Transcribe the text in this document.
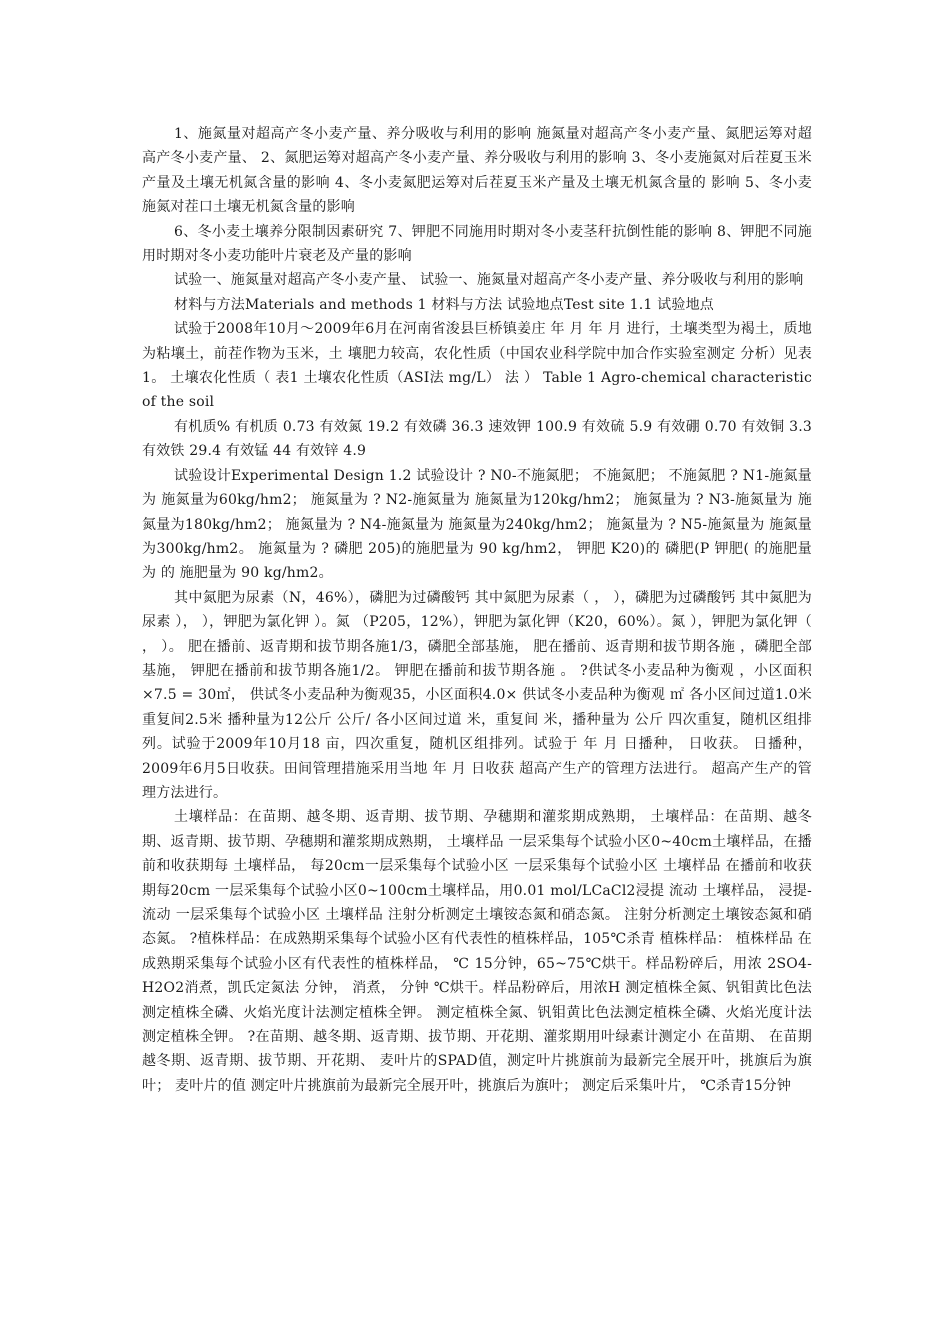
1、施氮量对超高产冬小麦产量、养分吸收与利用的影响 施氮量对超高产冬小麦产量、氮肥运筹对超高产冬小麦产量、 2、氮肥运筹对超高产冬小麦产量、养分吸收与利用的影响 3、冬小麦施氮对后茬夏玉米产量及土壤无机氮含量的影响 4、冬小麦氮肥运筹对后茬夏玉米产量及土壤无机氮含量的 影响 5、冬小麦施氮对茬口土壤无机氮含量的影响

6、冬小麦土壤养分限制因素研究 7、钾肥不同施用时期对冬小麦茎秆抗倒性能的影响 8、钾肥不同施用时期对冬小麦功能叶片衰老及产量的影响

试验一、施氮量对超高产冬小麦产量、 试验一、施氮量对超高产冬小麦产量、养分吸收与利用的影响

材料与方法Materials and methods 1 材料与方法 试验地点Test site 1.1 试验地点

试验于2008年10月～2009年6月在河南省浚县巨桥镇姜庄 年 月 年 月 进行，土壤类型为褐土，质地为粘壤土，前茬作物为玉米，土 壤肥力较高，农化性质（中国农业科学院中加合作实验室测定 分析）见表1。 土壤农化性质（ 表1 土壤农化性质（ASI法 mg/L） 法 ） Table 1 Agro-chemical characteristic of the soil

有机质% 有机质 0.73 有效氮 19.2 有效磷 36.3 速效钾 100.9 有效硫 5.9 有效硼 0.70 有效铜 3.3 有效铁 29.4 有效锰 44 有效锌 4.9

试验设计Experimental Design 1.2 试验设计 ? N0-不施氮肥； 不施氮肥； 不施氮肥 ? N1-施氮量为 施氮量为60kg/hm2； 施氮量为 ? N2-施氮量为 施氮量为120kg/hm2； 施氮量为 ? N3-施氮量为 施氮量为180kg/hm2； 施氮量为 ? N4-施氮量为 施氮量为240kg/hm2； 施氮量为 ? N5-施氮量为 施氮量为300kg/hm2。 施氮量为 ? 磷肥 205)的施肥量为 90 kg/hm2， 钾肥 K20)的 磷肥(P 钾肥( 的施肥量为 的 施肥量为 90 kg/hm2。

其中氮肥为尿素（N，46%），磷肥为过磷酸钙 其中氮肥为尿素（ ， ），磷肥为过磷酸钙 其中氮肥为尿素 ）， ），钾肥为氯化钾 ）。氮 （P205，12%），钾肥为氯化钾（K20，60%）。氮 ），钾肥为氯化钾（ ， ）。 肥在播前、返青期和拔节期各施1/3，磷肥全部基施， 肥在播前、返青期和拔节期各施 ，磷肥全部基施， 钾肥在播前和拔节期各施1/2。 钾肥在播前和拔节期各施 。 ?供试冬小麦品种为衡观 ，小区面积 ×7.5 = 30㎡， 供试冬小麦品种为衡观35，小区面积4.0× 供试冬小麦品种为衡观 ㎡ 各小区间过道1.0米 重复间2.5米 播种量为12公斤 公斤/ 各小区间过道 米，重复间 米，播种量为 公斤 四次重复，随机区组排列。试验于2009年10月18 亩，四次重复，随机区组排列。试验于 年 月 日播种， 日收获。 日播种，2009年6月5日收获。田间管理措施采用当地 年 月 日收获 超高产生产的管理方法进行。 超高产生产的管理方法进行。

土壤样品：在苗期、越冬期、返青期、拔节期、孕穗期和灌浆期成熟期， 土壤样品：在苗期、越冬期、返青期、拔节期、孕穗期和灌浆期成熟期， 土壤样品 一层采集每个试验小区0~40cm土壤样品，在播前和收获期每 土壤样品， 每20cm一层采集每个试验小区 一层采集每个试验小区 土壤样品 在播前和收获期每20cm 一层采集每个试验小区0~100cm土壤样品，用0.01 mol/LCaCl2浸提 流动 土壤样品， 浸提-流动 一层采集每个试验小区 土壤样品 注射分析测定土壤铵态氮和硝态氮。 注射分析测定土壤铵态氮和硝态氮。 ?植株样品：在成熟期采集每个试验小区有代表性的植株样品，105℃杀青 植株样品： 植株样品 在成熟期采集每个试验小区有代表性的植株样品， ℃ 15分钟，65~75℃烘干。样品粉碎后，用浓 2SO4-H2O2消煮，凯氏定氮法 分钟， 消煮， 分钟 ℃烘干。样品粉碎后，用浓H 测定植株全氮、钒钼黄比色法测定植株全磷、火焰光度计法测定植株全钾。 测定植株全氮、钒钼黄比色法测定植株全磷、火焰光度计法测定植株全钾。 ?在苗期、越冬期、返青期、拔节期、开花期、灌浆期用叶绿素计测定小 在苗期、 在苗期 越冬期、返青期、拔节期、开花期、 麦叶片的SPAD值，测定叶片挑旗前为最新完全展开叶，挑旗后为旗叶； 麦叶片的值 测定叶片挑旗前为最新完全展开叶，挑旗后为旗叶； 测定后采集叶片， ℃杀青15分钟
